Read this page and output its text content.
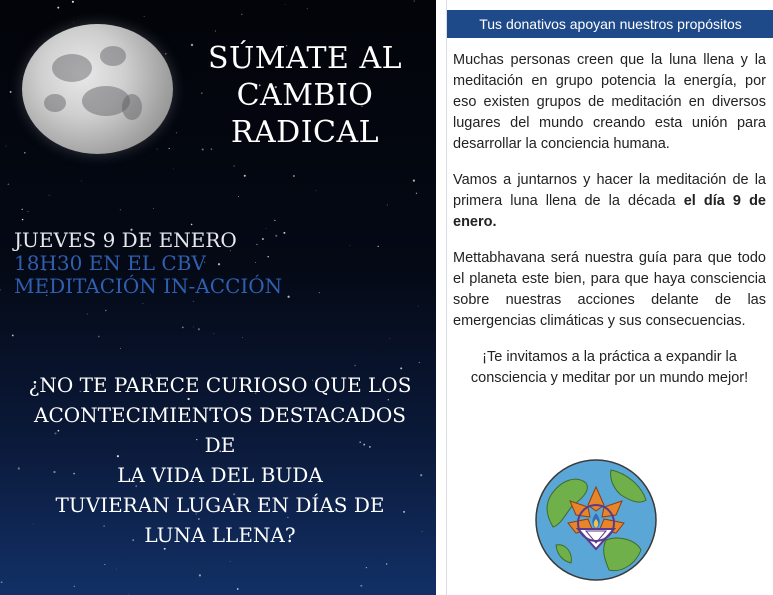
SÚMATE AL
CAMBIO RADICAL
JUEVES 9 DE ENERO
18H30 EN EL CBV
MEDITACIÓN IN-ACCIÓN
¿NO TE PARECE CURIOSO QUE LOS
ACONTECIMIENTOS DESTACADOS DE
LA VIDA DEL BUDA
TUVIERAN LUGAR EN DÍAS DE
LUNA LLENA?
Tus donativos apoyan nuestros propósitos

Muchas personas creen que la luna llena y la meditación en grupo potencia la energía, por eso existen grupos de meditación en diversos lugares del mundo creando esta unión para desarrollar la conciencia humana.

Vamos a juntarnos y hacer la meditación de la primera luna llena de la década el día 9 de enero.

Mettabhavana será nuestra guía para que todo el planeta este bien, para que haya consciencia sobre nuestras acciones delante de las emergencias climáticas y sus consecuencias.

¡Te invitamos a la práctica a expandir la consciencia y meditar por un mundo mejor!
